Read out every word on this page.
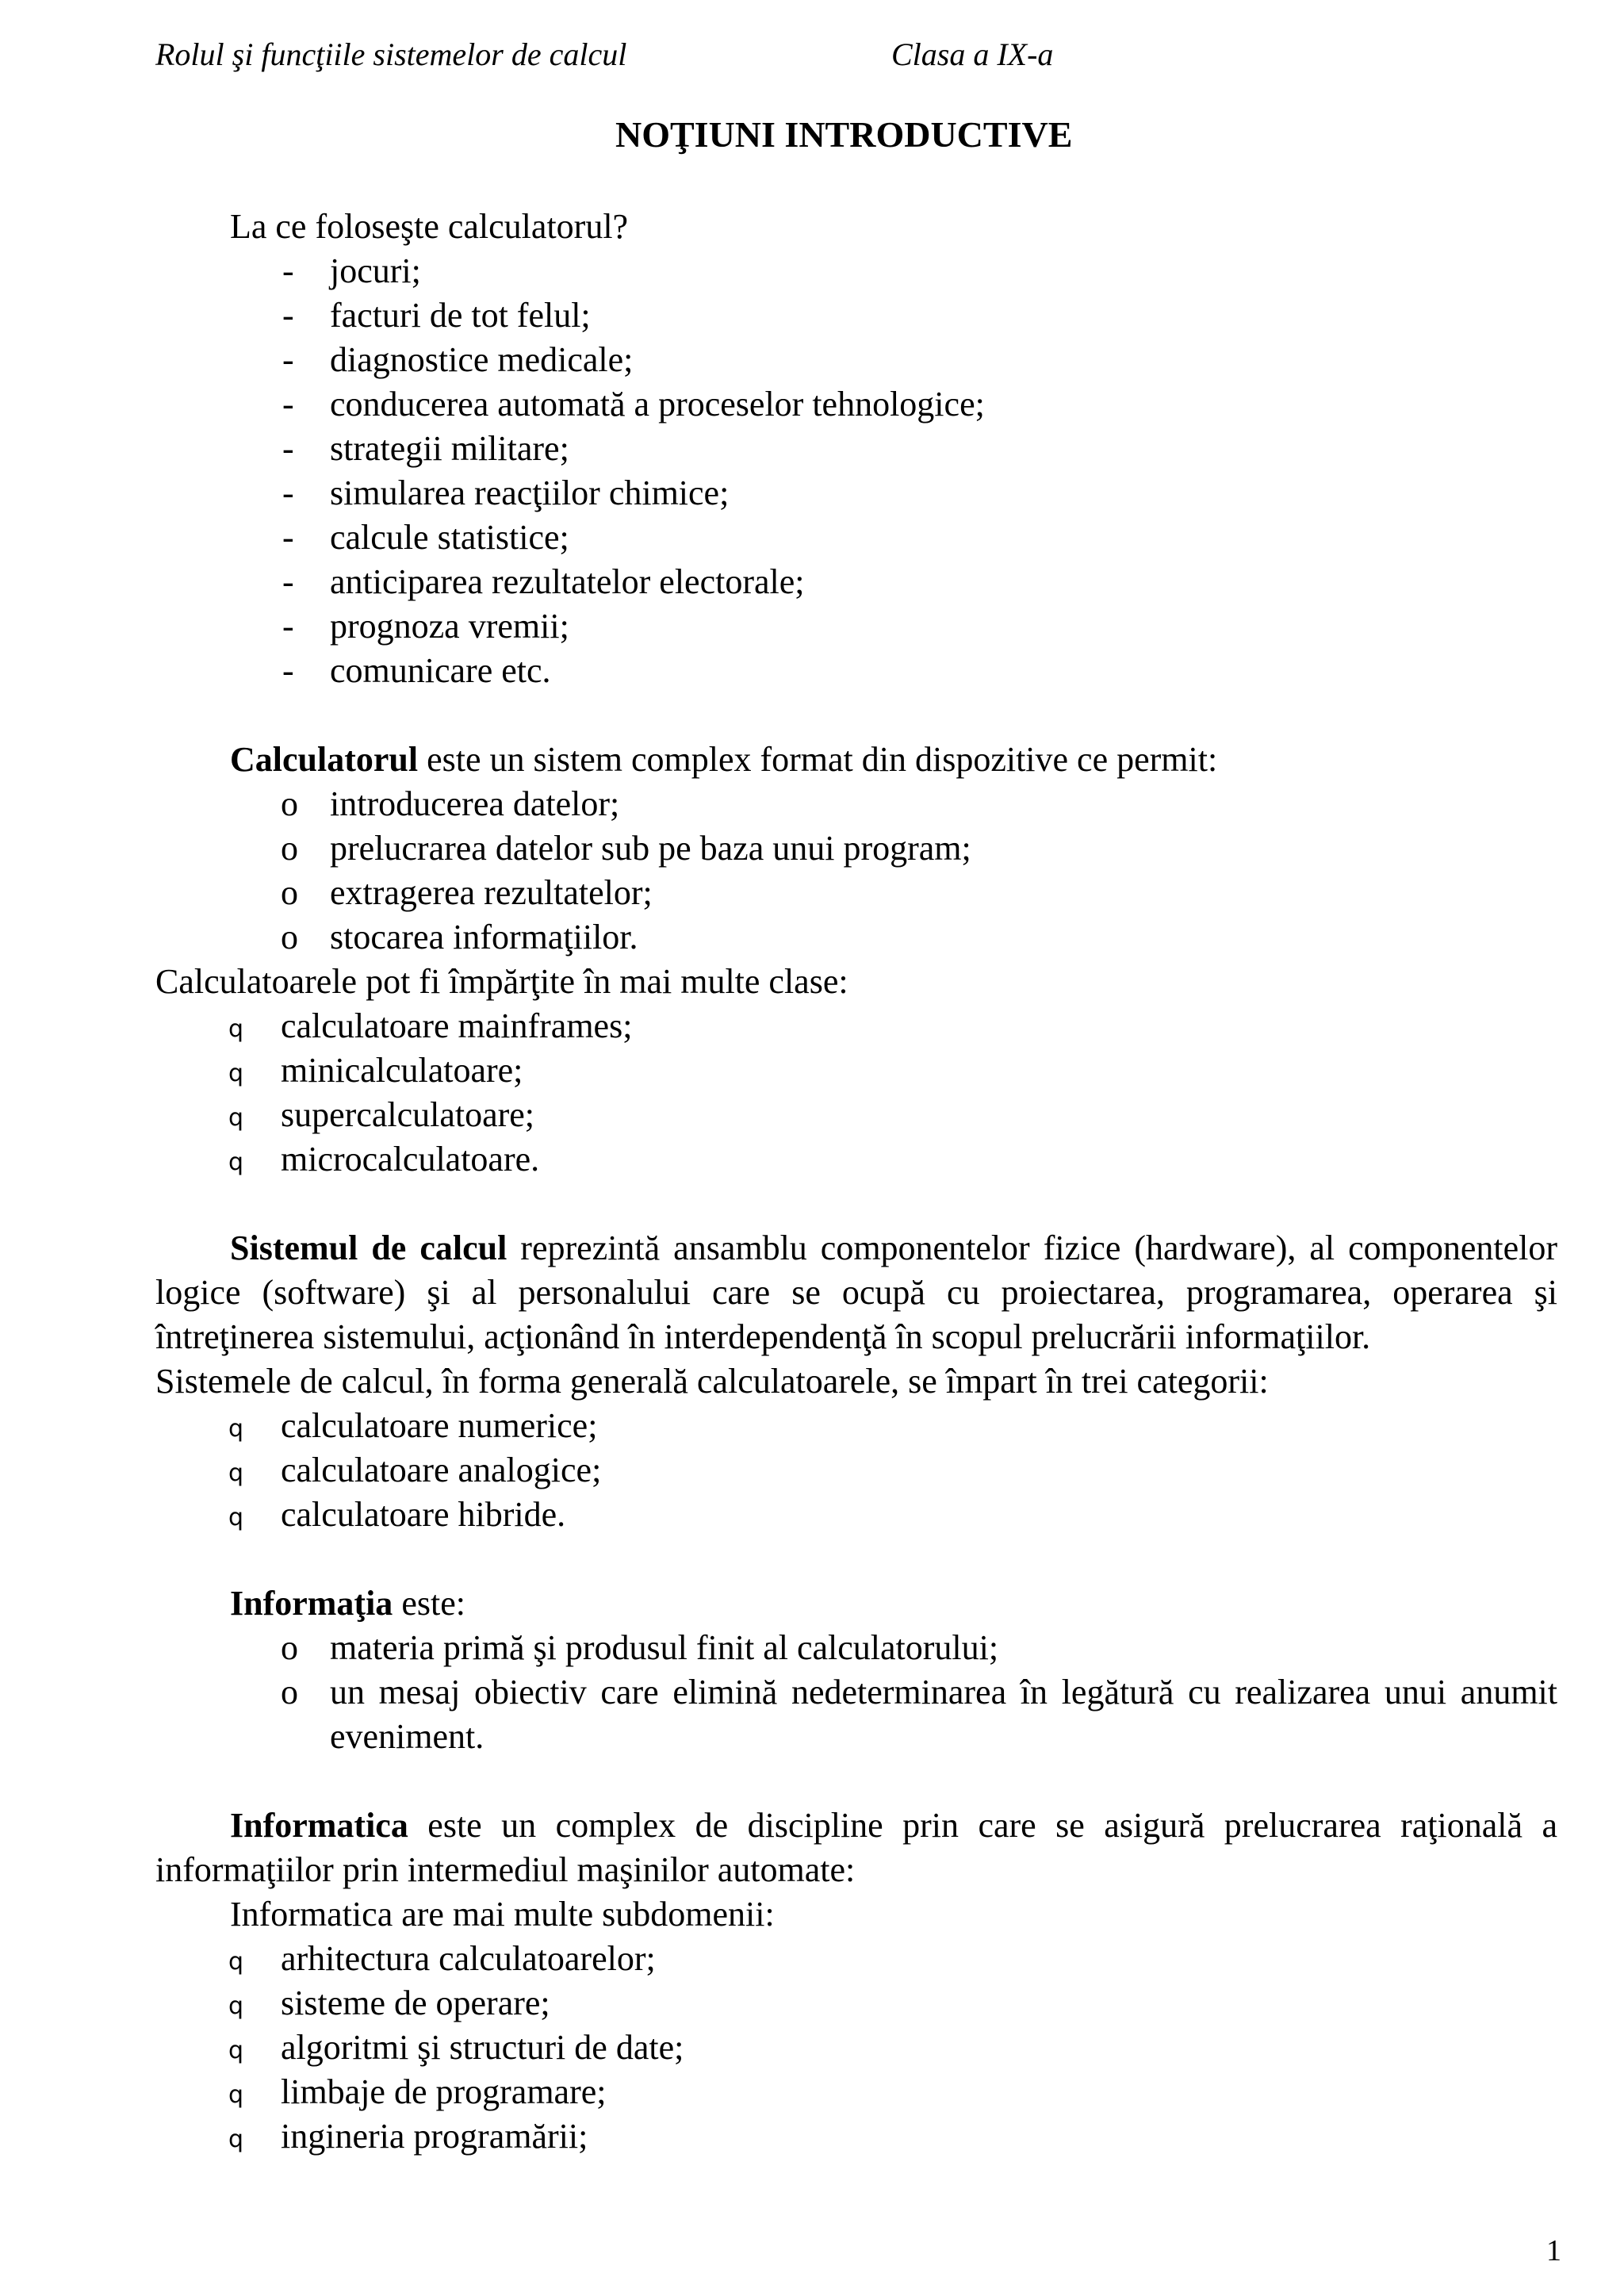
Rolul şi funcţiile sistemelor de calcul	Clasa a IX-a
NOŢIUNI INTRODUCTIVE

La ce foloseşte calculatorul?

- jocuri;
- facturi de tot felul;
- diagnostice medicale;
- conducerea automată a proceselor tehnologice;
- strategii militare;
- simularea reacţiilor chimice;
- calcule statistice;
- anticiparea rezultatelor electorale;
- prognoza vremii;
- comunicare etc.

Calculatorul este un sistem complex format din dispozitive ce permit:

o introducerea datelor;
o prelucrarea datelor sub pe baza unui program;
o extragerea rezultatelor;
o stocarea informaţiilor.

Calculatoarele pot fi împărţite în mai multe clase:

q calculatoare mainframes;
q minicalculatoare;
q supercalculatoare;
q microcalculatoare.

Sistemul de calcul reprezintă ansamblu componentelor fizice (hardware), al componentelor logice (software) şi al personalului care se ocupă cu proiectarea, programarea, operarea şi întreţinerea sistemului, acţionând în interdependenţă în scopul prelucrării informaţiilor.

Sistemele de calcul, în forma generală calculatoarele, se împart în trei categorii:

q calculatoare numerice;
q calculatoare analogice;
q calculatoare hibride.

Informaţia este:

o materia primă şi produsul finit al calculatorului;
o un mesaj obiectiv care elimină nedeterminarea în legătură cu realizarea unui anumit eveniment.

Informatica este un complex de discipline prin care se asigură prelucrarea raţională a informaţiilor prin intermediul maşinilor automate:

Informatica are mai multe subdomenii:

q arhitectura calculatoarelor;
q sisteme de operare;
q algoritmi şi structuri de date;
q limbaje de programare;
q ingineria programării;
1
